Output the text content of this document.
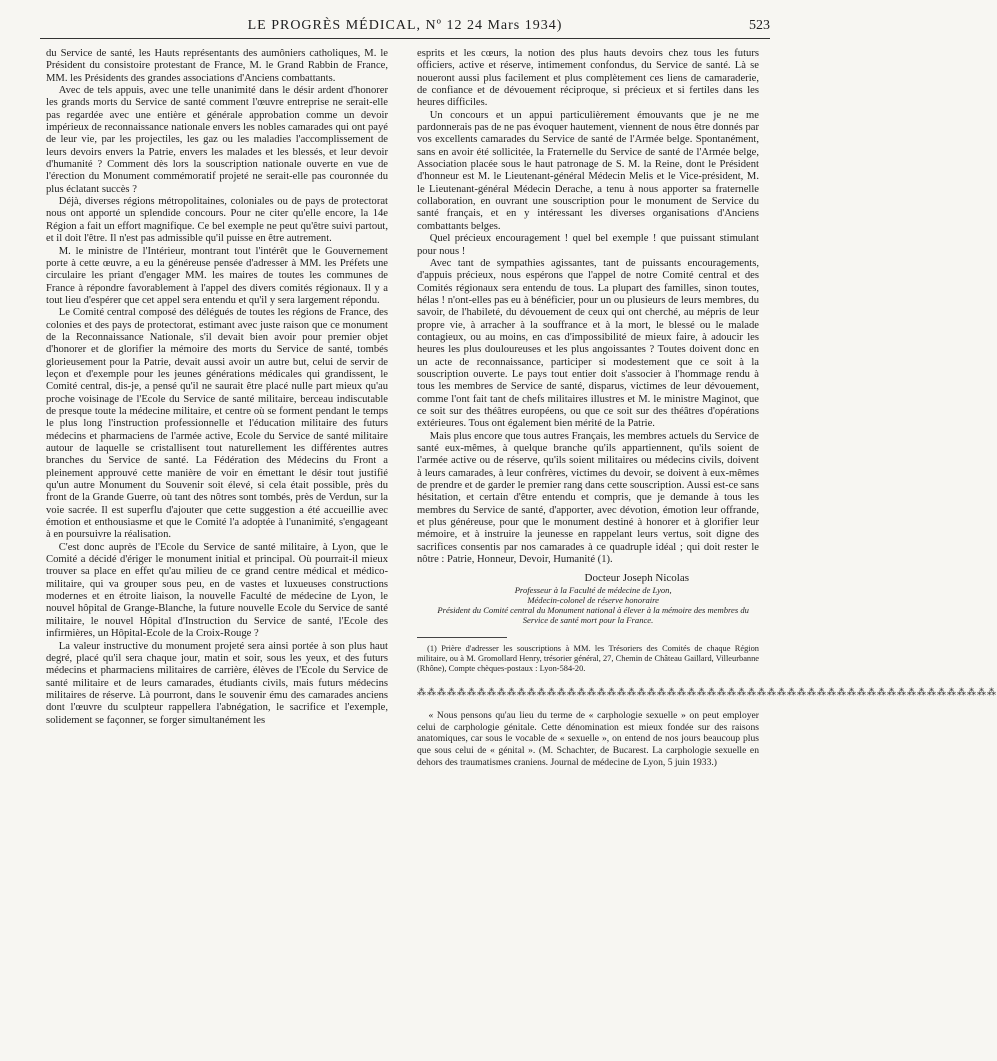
LE PROGRÈS MÉDICAL, Nº 12 24 Mars 1934)	523

du Service de santé, les Hauts représentants des aumôniers catholiques, M. le Président du consistoire protestant de France, M. le Grand Rabbin de France, MM. les Présidents des grandes associations d'Anciens combattants.

Avec de tels appuis, avec une telle unanimité dans le désir ardent d'honorer les grands morts du Service de santé comment l'œuvre entreprise ne serait-elle pas regardée avec une entière et générale approbation comme un devoir impérieux de reconnaissance nationale envers les nobles camarades qui ont payé de leur vie, par les projectiles, les gaz ou les maladies l'accomplissement de leurs devoirs envers la Patrie, envers les malades et les blessés, et leur devoir d'humanité ? Comment dès lors la souscription nationale ouverte en vue de l'érection du Monument commémoratif projeté ne serait-elle pas couronnée du plus éclatant succès ?

Déjà, diverses régions métropolitaines, coloniales ou de pays de protectorat nous ont apporté un splendide concours. Pour ne citer qu'elle encore, la 14e Région a fait un effort magnifique. Ce bel exemple ne peut qu'être suivi partout, et il doit l'être. Il n'est pas admissible qu'il puisse en être autrement.

M. le ministre de l'Intérieur, montrant tout l'intérêt que le Gouvernement porte à cette œuvre, a eu la généreuse pensée d'adresser à MM. les Préfets une circulaire les priant d'engager MM. les maires de toutes les communes de France à répondre favorablement à l'appel des divers comités régionaux. Il y a tout lieu d'espérer que cet appel sera entendu et qu'il y sera largement répondu.

Le Comité central composé des délégués de toutes les régions de France, des colonies et des pays de protectorat, estimant avec juste raison que ce monument de la Reconnaissance Nationale, s'il devait bien avoir pour premier objet d'honorer et de glorifier la mémoire des morts du Service de santé, tombés glorieusement pour la Patrie, devait aussi avoir un autre but, celui de servir de leçon et d'exemple pour les jeunes générations médicales qui grandissent, le Comité central, dis-je, a pensé qu'il ne saurait être placé nulle part mieux qu'au proche voisinage de l'Ecole du Service de santé militaire, berceau indiscutable de presque toute la médecine militaire, et centre où se forment pendant le temps le plus long l'instruction professionnelle et l'éducation militaire des futurs médecins et pharmaciens de l'armée active, Ecole du Service de santé militaire autour de laquelle se cristallisent tout naturellement les différentes autres branches du Service de santé. La Fédération des Médecins du Front a pleinement approuvé cette manière de voir en émettant le désir tout justifié qu'un autre Monument du Souvenir soit élevé, si cela était possible, près du front de la Grande Guerre, où tant des nôtres sont tombés, près de Verdun, sur la voie sacrée. Il est superflu d'ajouter que cette suggestion a été accueillie avec émotion et enthousiasme et que le Comité l'a adoptée à l'unanimité, s'engageant à en poursuivre la réalisation.

C'est donc auprès de l'Ecole du Service de santé militaire, à Lyon, que le Comité a décidé d'ériger le monument initial et principal. Où pourrait-il mieux trouver sa place en effet qu'au milieu de ce grand centre médical et médico-militaire, qui va grouper sous peu, en de vastes et luxueuses constructions modernes et en étroite liaison, la nouvelle Faculté de médecine de Lyon, le nouvel hôpital de Grange-Blanche, la future nouvelle Ecole du Service de santé militaire, le nouvel Hôpital d'Instruction du Service de santé, l'Ecole des infirmières, un Hôpital-Ecole de la Croix-Rouge ?

La valeur instructive du monument projeté sera ainsi portée à son plus haut degré, placé qu'il sera chaque jour, matin et soir, sous les yeux, et des futurs médecins et pharmaciens militaires de carrière, élèves de l'Ecole du Service de santé militaire et de leurs camarades, étudiants civils, mais futurs médecins militaires de réserve. Là pourront, dans le souvenir ému des camarades anciens dont l'œuvre du sculpteur rappellera l'abnégation, le sacrifice et l'exemple, solidement se façonner, se forger simultanément les

esprits et les cœurs, la notion des plus hauts devoirs chez tous les futurs officiers, active et réserve, intimement confondus, du Service de santé. Là se noueront aussi plus facilement et plus complètement ces liens de camaraderie, de confiance et de dévouement réciproque, si précieux et si fertiles dans les heures difficiles.

Un concours et un appui particulièrement émouvants que je ne me pardonnerais pas de ne pas évoquer hautement, viennent de nous être donnés par vos excellents camarades du Service de santé de l'Armée belge. Spontanément, sans en avoir été sollicitée, la Fraternelle du Service de santé de l'Armée belge, Association placée sous le haut patronage de S. M. la Reine, dont le Président d'honneur est M. le Lieutenant-général Médecin Melis et le Vice-président, M. le Lieutenant-général Médecin Derache, a tenu à nous apporter sa fraternelle collaboration, en ouvrant une souscription pour le monument de Service du santé français, et en y intéressant les diverses organisations d'Anciens combattants belges.

Quel précieux encouragement ! quel bel exemple ! que puissant stimulant pour nous !

Avec tant de sympathies agissantes, tant de puissants encouragements, d'appuis précieux, nous espérons que l'appel de notre Comité central et des Comités régionaux sera entendu de tous. La plupart des familles, sinon toutes, hélas ! n'ont-elles pas eu à bénéficier, pour un ou plusieurs de leurs membres, du savoir, de l'habileté, du dévouement de ceux qui ont cherché, au mépris de leur propre vie, à arracher à la souffrance et à la mort, le blessé ou le malade contagieux, ou au moins, en cas d'impossibilité de mieux faire, à adoucir les heures les plus douloureuses et les plus angoissantes ? Toutes doivent donc en un acte de reconnaissance, participer si modestement que ce soit à la souscription ouverte. Le pays tout entier doit s'associer à l'hommage rendu à tous les membres de Service de santé, disparus, victimes de leur dévouement, comme l'ont fait tant de chefs militaires illustres et M. le ministre Maginot, que ce soit sur des théâtres européens, ou que ce soit sur des théâtres d'opérations extérieures. Tous ont également bien mérité de la Patrie.

Mais plus encore que tous autres Français, les membres actuels du Service de santé eux-mêmes, à quelque branche qu'ils appartiennent, qu'ils soient de l'armée active ou de réserve, qu'ils soient militaires ou médecins civils, doivent à leurs camarades, à leur confrères, victimes du devoir, se doivent à eux-mêmes de prendre et de garder le premier rang dans cette souscription. Aussi est-ce sans hésitation, et certain d'être entendu et compris, que je demande à tous les membres du Service de santé, d'apporter, avec dévotion, émotion leur offrande, et plus généreuse, pour que le monument destiné à honorer et à glorifier leur mémoire, et à instruire la jeunesse en rappelant leurs vertus, soit digne des sacrifices consentis par nos camarades à ce quadruple idéal ; qui doit rester le nôtre : Patrie, Honneur, Devoir, Humanité (1).

Docteur Joseph Nicolas

Professeur à la Faculté de médecine de Lyon,

Médecin-colonel de réserve honoraire

Président du Comité central du Monument national à élever à la mémoire des membres du Service de santé mort pour la France.

(1) Prière d'adresser les souscriptions à MM. les Trésoriers des Comités de chaque Région militaire, ou à M. Gromollard Henry, trésorier général, 27, Chemin de Château Gaillard, Villeurbanne (Rhône), Compte chèques-postaux : Lyon-584-20.

⁂⁂⁂⁂⁂⁂⁂⁂⁂⁂⁂⁂⁂⁂⁂⁂⁂⁂⁂⁂⁂⁂⁂⁂⁂⁂⁂⁂⁂⁂⁂⁂⁂⁂⁂⁂⁂⁂⁂⁂⁂⁂⁂⁂⁂⁂⁂⁂⁂⁂⁂⁂⁂⁂⁂⁂⁂⁂

« Nous pensons qu'au lieu du terme de « carphologie sexuelle » on peut employer celui de carphologie génitale. Cette dénomination est mieux fondée sur des raisons anatomiques, car sous le vocable de « sexuelle », on entend de nos jours beaucoup plus que sous celui de « génital ». (M. Schachter, de Bucarest. La carphologie sexuelle en dehors des traumatismes craniens. Journal de médecine de Lyon, 5 juin 1933.)
